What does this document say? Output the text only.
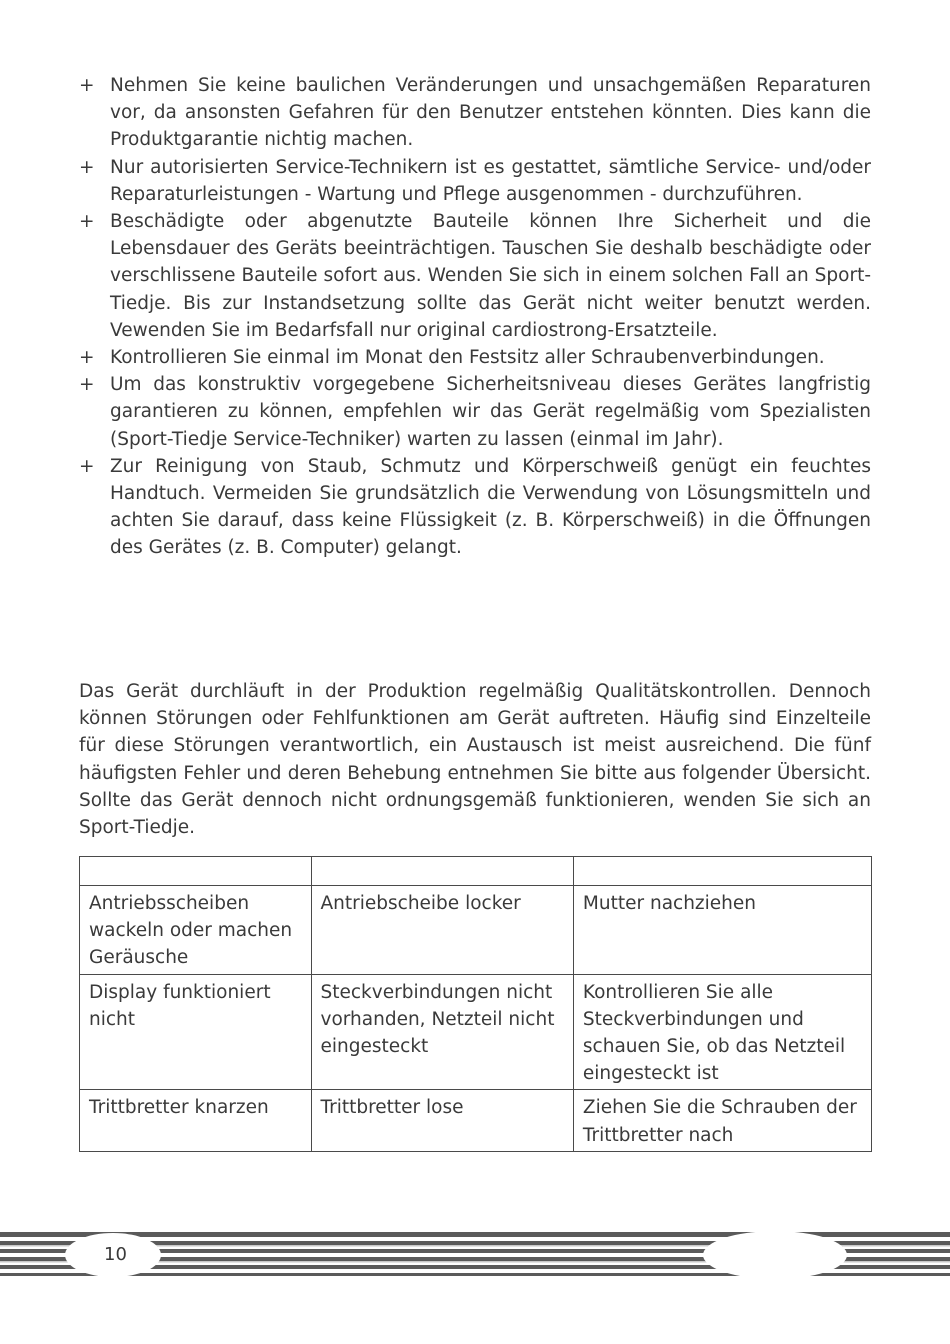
+ Nehmen Sie keine baulichen Veränderungen und unsachgemäßen Reparaturen vor, da ansonsten Gefahren für den Benutzer entstehen könnten. Dies kann die Produktgarantie nichtig machen.
+ Nur autorisierten Service-Technikern ist es gestattet, sämtliche Service- und/oder Reparaturleistungen - Wartung und Pflege ausgenommen - durchzuführen.
+ Beschädigte oder abgenutzte Bauteile können Ihre Sicherheit und die Lebensdauer des Geräts beeinträchtigen. Tauschen Sie deshalb beschädigte oder verschlissene Bauteile sofort aus. Wenden Sie sich in einem solchen Fall an Sport-Tiedje. Bis zur Instandsetzung sollte das Gerät nicht weiter benutzt werden. Vewenden Sie im Bedarfsfall nur original cardiostrong-Ersatzteile.
+ Kontrollieren Sie einmal im Monat den Festsitz aller Schraubenverbindungen.
+ Um das konstruktiv vorgegebene Sicherheitsniveau dieses Gerätes langfristig garantieren zu können, empfehlen wir das Gerät regelmäßig vom Spezialisten (Sport-Tiedje Service-Techniker) warten zu lassen (einmal im Jahr).
+ Zur Reinigung von Staub, Schmutz und Körperschweiß genügt ein feuchtes Handtuch. Vermeiden Sie grundsätzlich die Verwendung von Lösungsmitteln und achten Sie darauf, dass keine Flüssigkeit (z. B. Körperschweiß) in die Öffnungen des Gerätes (z. B. Computer) gelangt.

Das Gerät durchläuft in der Produktion regelmäßig Qualitätskontrollen. Dennoch können Störungen oder Fehlfunktionen am Gerät auftreten. Häufig sind Einzelteile für diese Störungen verantwortlich, ein Austausch ist meist ausreichend. Die fünf häufigsten Fehler und deren Behebung entnehmen Sie bitte aus folgender Übersicht. Sollte das Gerät dennoch nicht ordnungsgemäß funktionieren, wenden Sie sich an Sport-Tiedje.

Antriebsscheiben wackeln oder machen Geräusche	Antriebscheibe locker	Mutter nachziehen
Display funktioniert nicht	Steckverbindungen nicht vorhanden, Netzteil nicht eingesteckt	Kontrollieren Sie alle Steckverbindungen und schauen Sie, ob das Netzteil eingesteckt ist
Trittbretter knarzen	Trittbretter lose	Ziehen Sie die Schrauben der Trittbretter nach
10
